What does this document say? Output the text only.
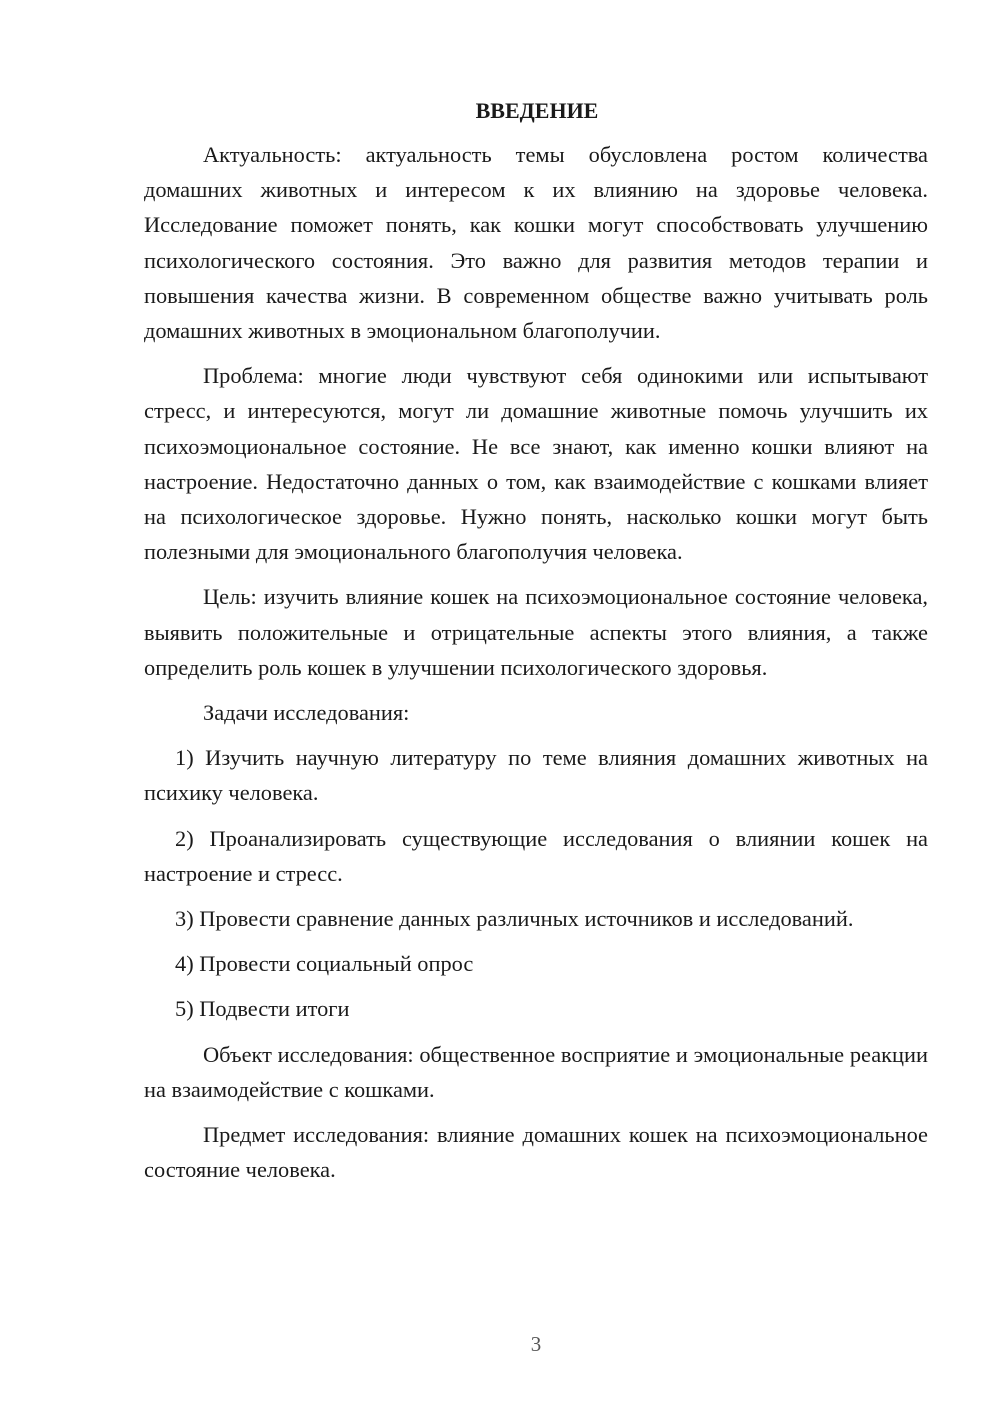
ВВЕДЕНИЕ

Актуальность: актуальность темы обусловлена ростом количества домашних животных и интересом к их влиянию на здоровье человека. Исследование поможет понять, как кошки могут способствовать улучшению психологического состояния. Это важно для развития методов терапии и повышения качества жизни. В современном обществе важно учитывать роль домашних животных в эмоциональном благополучии.

Проблема: многие люди чувствуют себя одинокими или испытывают стресс, и интересуются, могут ли домашние животные помочь улучшить их психоэмоциональное состояние. Не все знают, как именно кошки влияют на настроение. Недостаточно данных о том, как взаимодействие с кошками влияет на психологическое здоровье. Нужно понять, насколько кошки могут быть полезными для эмоционального благополучия человека.

Цель: изучить влияние кошек на психоэмоциональное состояние человека, выявить положительные и отрицательные аспекты этого влияния, а также определить роль кошек в улучшении психологического здоровья.

Задачи исследования:

1) Изучить научную литературу по теме влияния домашних животных на психику человека.

2) Проанализировать существующие исследования о влиянии кошек на настроение и стресс.

3) Провести сравнение данных различных источников и исследований.

4) Провести социальный опрос

5) Подвести итоги

Объект исследования: общественное восприятие и эмоциональные реакции на взаимодействие с кошками.

Предмет исследования: влияние домашних кошек на психоэмоциональное состояние человека.

3
